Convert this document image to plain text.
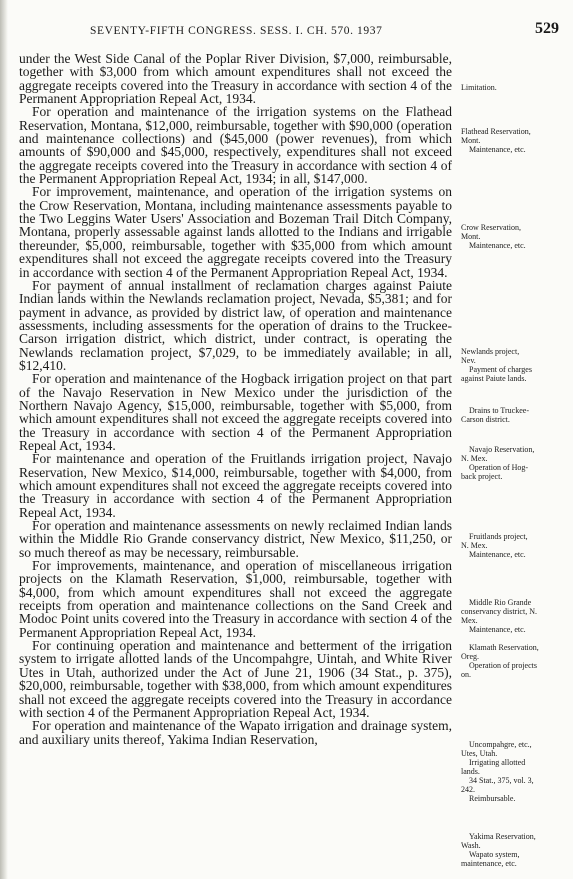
SEVENTY-FIFTH CONGRESS. SESS. I. CH. 570. 1937	529

under the West Side Canal of the Poplar River Division, $7,000, reimbursable, together with $3,000 from which amount expenditures shall not exceed the aggregate receipts covered into the Treasury in accordance with section 4 of the Permanent Appropriation Repeal Act, 1934.

For operation and maintenance of the irrigation systems on the Flathead Reservation, Montana, $12,000, reimbursable, together with $90,000 (operation and maintenance collections) and ($45,000 (power revenues), from which amounts of $90,000 and $45,000, respectively, expenditures shall not exceed the aggregate receipts covered into the Treasury in accordance with section 4 of the Permanent Appropriation Repeal Act, 1934; in all, $147,000.

For improvement, maintenance, and operation of the irrigation systems on the Crow Reservation, Montana, including maintenance assessments payable to the Two Leggins Water Users' Association and Bozeman Trail Ditch Company, Montana, properly assessable against lands allotted to the Indians and irrigable thereunder, $5,000, reimbursable, together with $35,000 from which amount expenditures shall not exceed the aggregate receipts covered into the Treasury in accordance with section 4 of the Permanent Appropriation Repeal Act, 1934.

For payment of annual installment of reclamation charges against Paiute Indian lands within the Newlands reclamation project, Nevada, $5,381; and for payment in advance, as provided by district law, of operation and maintenance assessments, including assessments for the operation of drains to the Truckee-Carson irrigation district, which district, under contract, is operating the Newlands reclamation project, $7,029, to be immediately available; in all, $12,410.

For operation and maintenance of the Hogback irrigation project on that part of the Navajo Reservation in New Mexico under the jurisdiction of the Northern Navajo Agency, $15,000, reimbursable, together with $5,000, from which amount expenditures shall not exceed the aggregate receipts covered into the Treasury in accordance with section 4 of the Permanent Appropriation Repeal Act, 1934.

For maintenance and operation of the Fruitlands irrigation project, Navajo Reservation, New Mexico, $14,000, reimbursable, together with $4,000, from which amount expenditures shall not exceed the aggregate receipts covered into the Treasury in accordance with section 4 of the Permanent Appropriation Repeal Act, 1934.

For operation and maintenance assessments on newly reclaimed Indian lands within the Middle Rio Grande conservancy district, New Mexico, $11,250, or so much thereof as may be necessary, reimbursable.

For improvements, maintenance, and operation of miscellaneous irrigation projects on the Klamath Reservation, $1,000, reimbursable, together with $4,000, from which amount expenditures shall not exceed the aggregate receipts from operation and maintenance collections on the Sand Creek and Modoc Point units covered into the Treasury in accordance with section 4 of the Permanent Appropriation Repeal Act, 1934.

For continuing operation and maintenance and betterment of the irrigation system to irrigate allotted lands of the Uncompahgre, Uintah, and White River Utes in Utah, authorized under the Act of June 21, 1906 (34 Stat., p. 375), $20,000, reimbursable, together with $38,000, from which amount expenditures shall not exceed the aggregate receipts covered into the Treasury in accordance with section 4 of the Permanent Appropriation Repeal Act, 1934.

For operation and maintenance of the Wapato irrigation and drainage system, and auxiliary units thereof, Yakima Indian Reservation,

Limitation.
Flathead Reservation,
Mont.
Maintenance, etc.
Crow Reservation,
Mont.
Maintenance, etc.
Newlands project,
Nev.
Payment of charges
against Paiute lands.
Drains to Truckee-
Carson district.
Navajo Reservation,
N. Mex.
Operation of Hog-
back project.
Fruitlands project,
N. Mex.
Maintenance, etc.
Middle Rio Grande
conservancy district, N.
Mex.
Maintenance, etc.
Klamath Reservation,
Oreg.
Operation of projects
on.
Uncompahgre, etc.,
Utes, Utah.
Irrigating allotted
lands.
34 Stat., 375, vol. 3,
242.
Reimbursable.
Yakima Reservation,
Wash.
Wapato system,
maintenance, etc.
